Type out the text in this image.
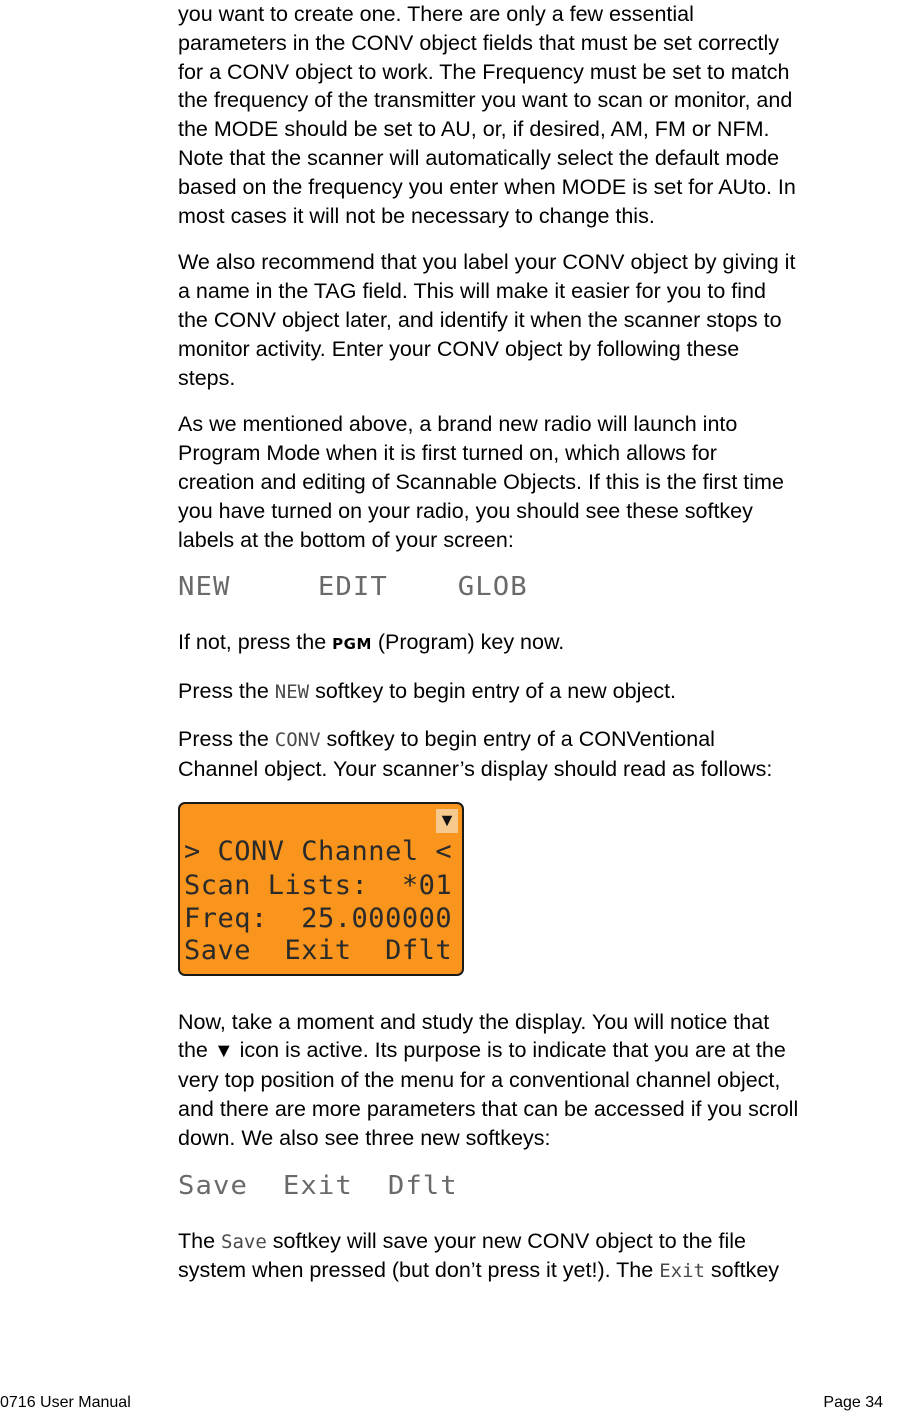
you want to create one. There are only a few essential
parameters in the CONV object fields that must be set correctly
for a CONV object to work. The Frequency must be set to match
the frequency of the transmitter you want to scan or monitor, and
the MODE should be set to AU, or, if desired, AM, FM or NFM.
Note that the scanner will automatically select the default mode
based on the frequency you enter when MODE is set for AUto. In
most cases it will not be necessary to change this.
We also recommend that you label your CONV object by giving it
a name in the TAG field. This will make it easier for you to find
the CONV object later, and identify it when the scanner stops to
monitor activity. Enter your CONV object by following these
steps.
As we mentioned above, a brand new radio will launch into
Program Mode when it is first turned on, which allows for
creation and editing of Scannable Objects. If this is the first time
you have turned on your radio, you should see these softkey
labels at the bottom of your screen:
NEW     EDIT    GLOB
If not, press the PGM (Program) key now.
Press the NEW softkey to begin entry of a new object.
Press the CONV softkey to begin entry of a CONVentional
Channel object. Your scanner’s display should read as follows:
▼
> CONV Channel <
Scan Lists:  *01
Freq:  25.000000
Save  Exit  Dflt
Now, take a moment and study the display. You will notice that
the ▼ icon is active. Its purpose is to indicate that you are at the
very top position of the menu for a conventional channel object,
and there are more parameters that can be accessed if you scroll
down. We also see three new softkeys:
Save  Exit  Dflt
The Save softkey will save your new CONV object to the file
system when pressed (but don’t press it yet!). The Exit softkey
0716 User Manual	Page 34
